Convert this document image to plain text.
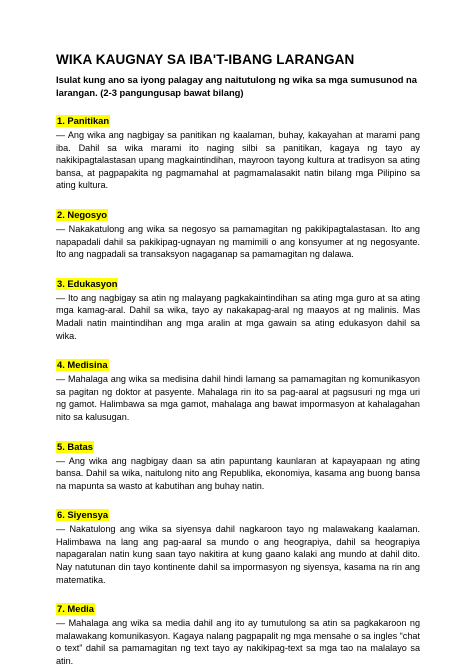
WIKA KAUGNAY SA IBA'T-IBANG LARANGAN

Isulat kung ano sa iyong palagay ang naitutulong ng wika sa mga sumusunod na larangan. (2-3 pangungusap bawat bilang)

1. Panitikan

— Ang wika ang nagbigay sa panitikan ng kaalaman, buhay, kakayahan at marami pang iba. Dahil sa wika marami ito naging silbi sa panitikan, kagaya ng tayo ay nakikipagtalastasan upang magkaintindihan, mayroon tayong kultura at tradisyon sa ating bansa, at pagpapakita ng pagmamahal at pagmamalasakit natin bilang mga Pilipino sa ating kultura.

2. Negosyo

— Nakakatulong ang wika sa negosyo sa pamamagitan ng pakikipagtalastasan. Ito ang napapadali dahil sa pakikipag-ugnayan ng mamimili o ang konsyumer at ng negosyante. Ito ang nagpadali sa transaksyon nagaganap sa pamamagitan ng dalawa.

3. Edukasyon

— Ito ang nagbigay sa atin ng malayang pagkakaintindihan sa ating mga guro at sa ating mga kamag-aral. Dahil sa wika, tayo ay nakakapag-aral ng maayos at ng malinis. Mas Madali natin maintindihan ang mga aralin at mga gawain sa ating edukasyon dahil sa wika.

4. Medisina

— Mahalaga ang wika sa medisina dahil hindi lamang sa pamamagitan ng komunikasyon sa pagitan ng doktor at pasyente. Mahalaga rin ito sa pag-aaral at pagsusuri ng mga uri ng gamot. Halimbawa sa mga gamot, mahalaga ang bawat impormasyon at kahalagahan nito sa kalusugan.

5. Batas

— Ang wika ang nagbigay daan sa atin papuntang kaunlaran at kapayapaan ng ating bansa. Dahil sa wika, naitulong nito ang Republika, ekonomiya, kasama ang buong bansa na mapunta sa wasto at kabutihan ang buhay natin.

6. Siyensya

— Nakatulong ang wika sa siyensya dahil nagkaroon tayo ng malawakang kaalaman. Halimbawa na lang ang pag-aaral sa mundo o ang heograpiya, dahil sa heograpiya napagaralan natin kung saan tayo nakitira at kung gaano kalaki ang mundo at dahil dito. Nay natutunan din tayo kontinente dahil sa impormasyon ng siyensya, kasama na rin ang matematika.

7. Media

— Mahalaga ang wika sa media dahil ang ito ay tumutulong sa atin sa pagkakaroon ng malawakang komunikasyon. Kagaya nalang pagpapalit ng mga mensahe o sa ingles “chat o text” dahil sa pamamagitan ng text tayo ay nakikipag-text sa mga tao na malalayo sa atin.
